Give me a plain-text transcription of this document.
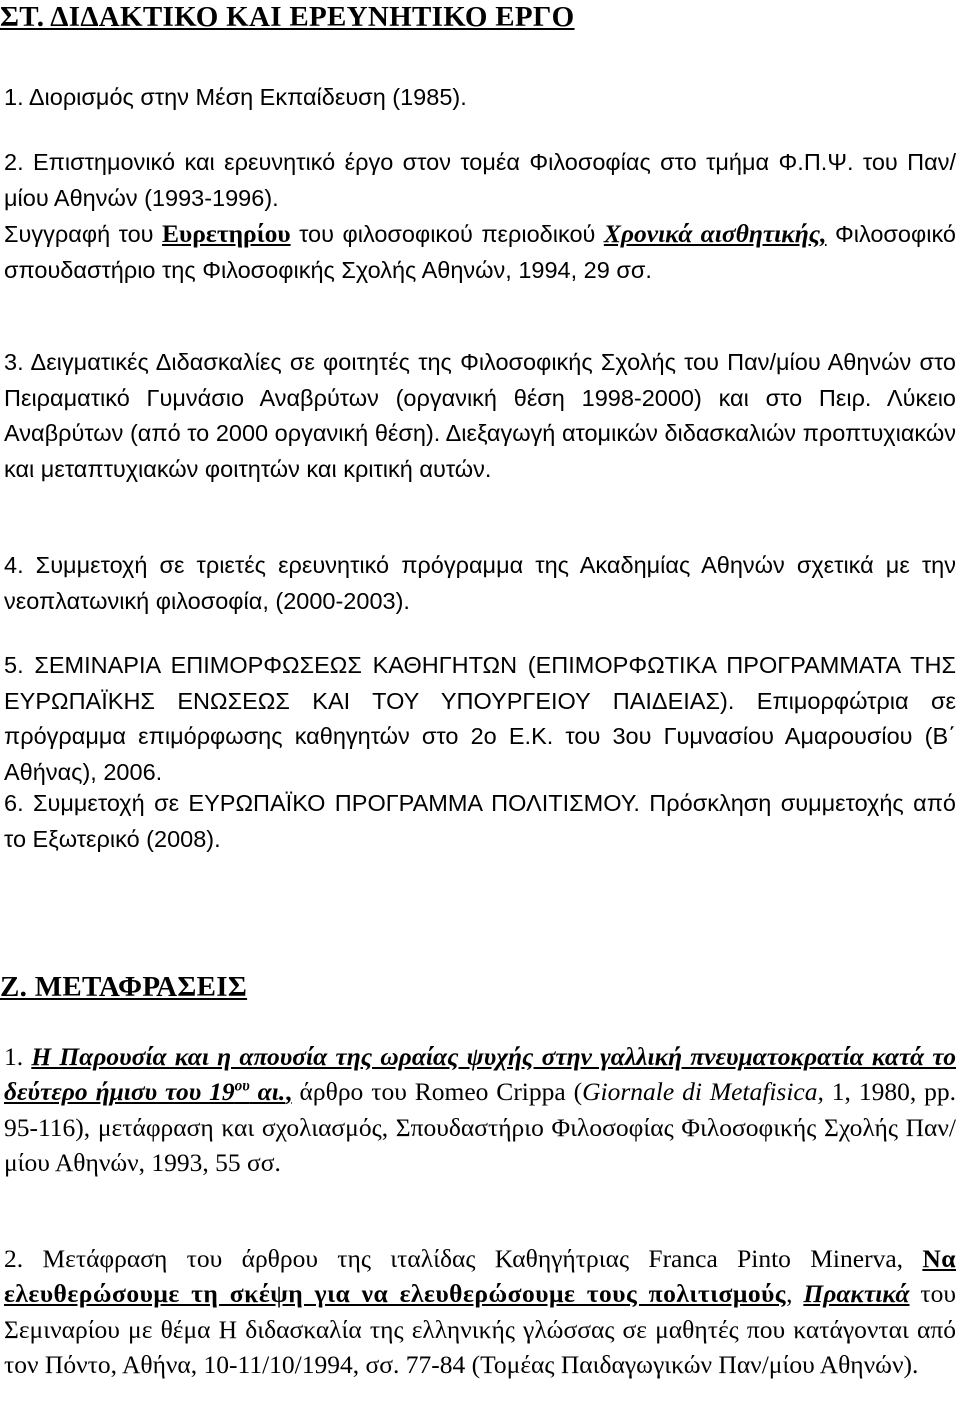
ΣΤ. ΔΙΔΑΚΤΙΚΟ ΚΑΙ ΕΡΕΥΝΗΤΙΚΟ ΕΡΓΟ

1. Διορισμός στην Μέση Εκπαίδευση (1985).

2. Επιστημονικό και ερευνητικό έργο στον τομέα Φιλοσοφίας στο τμήμα Φ.Π.Ψ. του Παν/μίου Αθηνών (1993-1996).

Συγγραφή του Ευρετηρίου του φιλοσοφικού περιοδικού Χρονικά αισθητικής, Φιλοσοφικό σπουδαστήριο της Φιλοσοφικής Σχολής Αθηνών, 1994, 29 σσ.

3. Δειγματικές Διδασκαλίες σε φοιτητές της Φιλοσοφικής Σχολής του Παν/μίου Αθηνών στο Πειραματικό Γυμνάσιο Αναβρύτων (οργανική θέση 1998-2000) και στο Πειρ. Λύκειο Αναβρύτων (από το 2000 οργανική θέση). Διεξαγωγή ατομικών διδασκαλιών προπτυχιακών και μεταπτυχιακών φοιτητών και κριτική αυτών.

4. Συμμετοχή σε τριετές ερευνητικό πρόγραμμα της Ακαδημίας Αθηνών σχετικά με την νεοπλατωνική φιλοσοφία, (2000-2003).

5. ΣΕΜΙΝΑΡΙΑ ΕΠΙΜΟΡΦΩΣΕΩΣ ΚΑΘΗΓΗΤΩΝ (ΕΠΙΜΟΡΦΩΤΙΚΑ ΠΡΟΓΡΑΜΜΑΤΑ ΤΗΣ ΕΥΡΩΠΑΪΚΗΣ ΕΝΩΣΕΩΣ ΚΑΙ ΤΟΥ ΥΠΟΥΡΓΕΙΟΥ ΠΑΙΔΕΙΑΣ). Επιμορφώτρια σε πρόγραμμα επιμόρφωσης καθηγητών στο 2ο Ε.Κ. του 3ου Γυμνασίου Αμαρουσίου (Β΄ Αθήνας), 2006.

6. Συμμετοχή σε ΕΥΡΩΠΑΪΚΟ ΠΡΟΓΡΑΜΜΑ ΠΟΛΙΤΙΣΜΟΥ. Πρόσκληση συμμετοχής από το Εξωτερικό (2008).

Ζ. ΜΕΤΑΦΡΑΣΕΙΣ

1. Η Παρουσία και η απουσία της ωραίας ψυχής στην γαλλική πνευματοκρατία κατά το δεύτερο ήμισυ του $19^{o\upsilon}$ αι., άρθρο του Romeo Crippa (Giornale di Metafisica, 1, 1980, pp. 95-116), μετάφραση και σχολιασμός, Σπουδαστήριο Φιλοσοφίας Φιλοσοφικής Σχολής Παν/μίου Αθηνών, 1993, 55 σσ.

2. Μετάφραση του άρθρου της ιταλίδας Καθηγήτριας Franca Pinto Minerva, Να ελευθερώσουμε τη σκέψη για να ελευθερώσουμε τους πολιτισμούς, Πρακτικά του Σεμιναρίου με θέμα Η διδασκαλία της ελληνικής γλώσσας σε μαθητές που κατάγονται από τον Πόντο, Αθήνα, 10-11/10/1994, σσ. 77-84 (Τομέας Παιδαγωγικών Παν/μίου Αθηνών).
